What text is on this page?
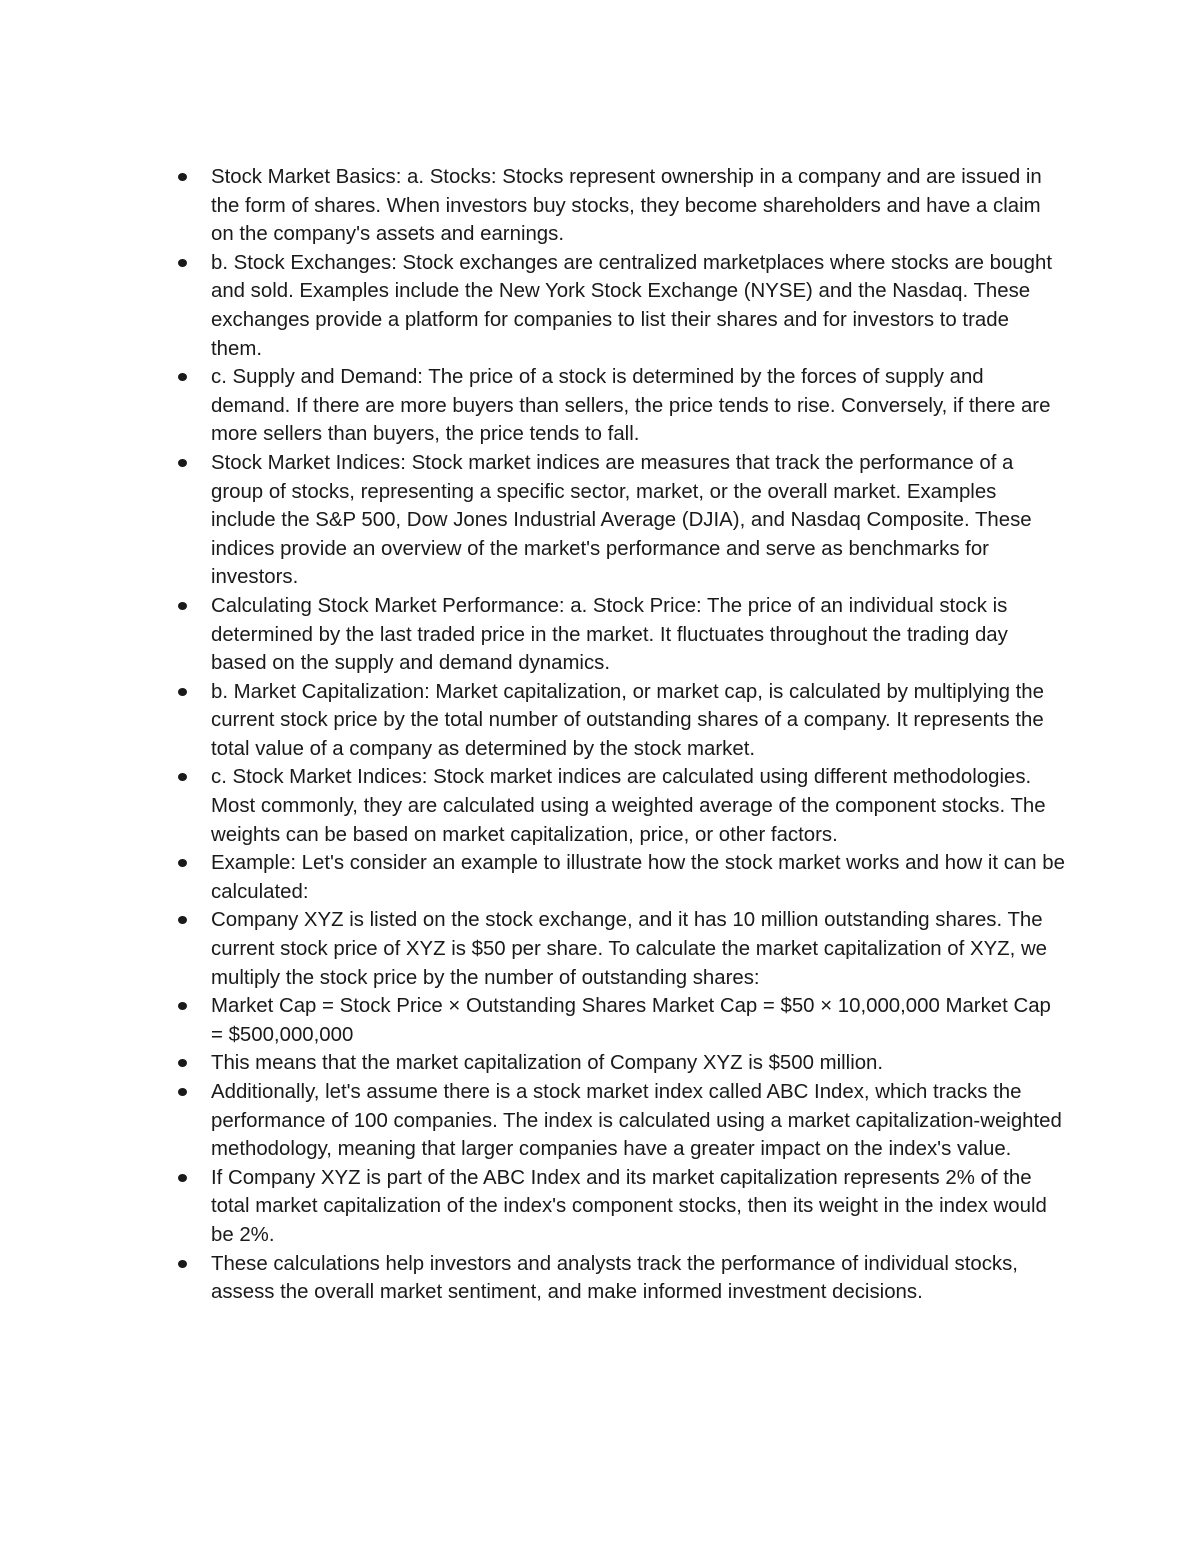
Stock Market Basics: a. Stocks: Stocks represent ownership in a company and are issued in the form of shares. When investors buy stocks, they become shareholders and have a claim on the company's assets and earnings.
b. Stock Exchanges: Stock exchanges are centralized marketplaces where stocks are bought and sold. Examples include the New York Stock Exchange (NYSE) and the Nasdaq. These exchanges provide a platform for companies to list their shares and for investors to trade them.
c. Supply and Demand: The price of a stock is determined by the forces of supply and demand. If there are more buyers than sellers, the price tends to rise. Conversely, if there are more sellers than buyers, the price tends to fall.
Stock Market Indices: Stock market indices are measures that track the performance of a group of stocks, representing a specific sector, market, or the overall market. Examples include the S&P 500, Dow Jones Industrial Average (DJIA), and Nasdaq Composite. These indices provide an overview of the market's performance and serve as benchmarks for investors.
Calculating Stock Market Performance: a. Stock Price: The price of an individual stock is determined by the last traded price in the market. It fluctuates throughout the trading day based on the supply and demand dynamics.
b. Market Capitalization: Market capitalization, or market cap, is calculated by multiplying the current stock price by the total number of outstanding shares of a company. It represents the total value of a company as determined by the stock market.
c. Stock Market Indices: Stock market indices are calculated using different methodologies. Most commonly, they are calculated using a weighted average of the component stocks. The weights can be based on market capitalization, price, or other factors.
Example: Let's consider an example to illustrate how the stock market works and how it can be calculated:
Company XYZ is listed on the stock exchange, and it has 10 million outstanding shares. The current stock price of XYZ is $50 per share. To calculate the market capitalization of XYZ, we multiply the stock price by the number of outstanding shares:
Market Cap = Stock Price × Outstanding Shares Market Cap = $50 × 10,000,000 Market Cap = $500,000,000
This means that the market capitalization of Company XYZ is $500 million.
Additionally, let's assume there is a stock market index called ABC Index, which tracks the performance of 100 companies. The index is calculated using a market capitalization-weighted methodology, meaning that larger companies have a greater impact on the index's value.
If Company XYZ is part of the ABC Index and its market capitalization represents 2% of the total market capitalization of the index's component stocks, then its weight in the index would be 2%.
These calculations help investors and analysts track the performance of individual stocks, assess the overall market sentiment, and make informed investment decisions.
